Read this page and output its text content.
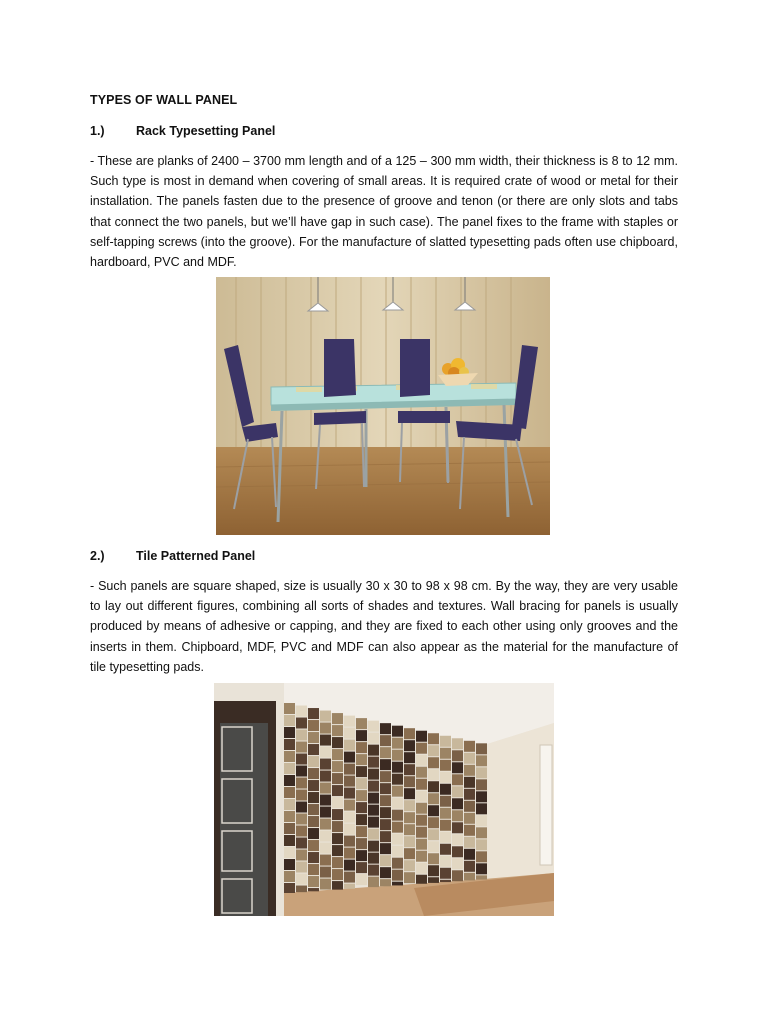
TYPES OF WALL PANEL
1.)	Rack Typesetting Panel

- These are planks of 2400 – 3700 mm length and of a 125 – 300 mm width, their thickness is 8 to 12 mm. Such type is most in demand when covering of small areas. It is required crate of wood or metal for their installation. The panels fasten due to the presence of groove and tenon (or there are only slots and tabs that connect the two panels, but we’ll have gap in such case). The panel fixes to the frame with staples or self-tapping screws (into the groove). For the manufacture of slatted typesetting pads often use chipboard, hardboard, PVC and MDF.

2.)	Tile Patterned Panel

- Such panels are square shaped, size is usually 30 x 30 to 98 x 98 cm. By the way, they are very usable to lay out different figures, combining all sorts of shades and textures. Wall bracing for panels is usually produced by means of adhesive or capping, and they are fixed to each other using only grooves and the inserts in them. Chipboard, MDF, PVC and MDF can also appear as the material for the manufacture of tile typesetting pads.
